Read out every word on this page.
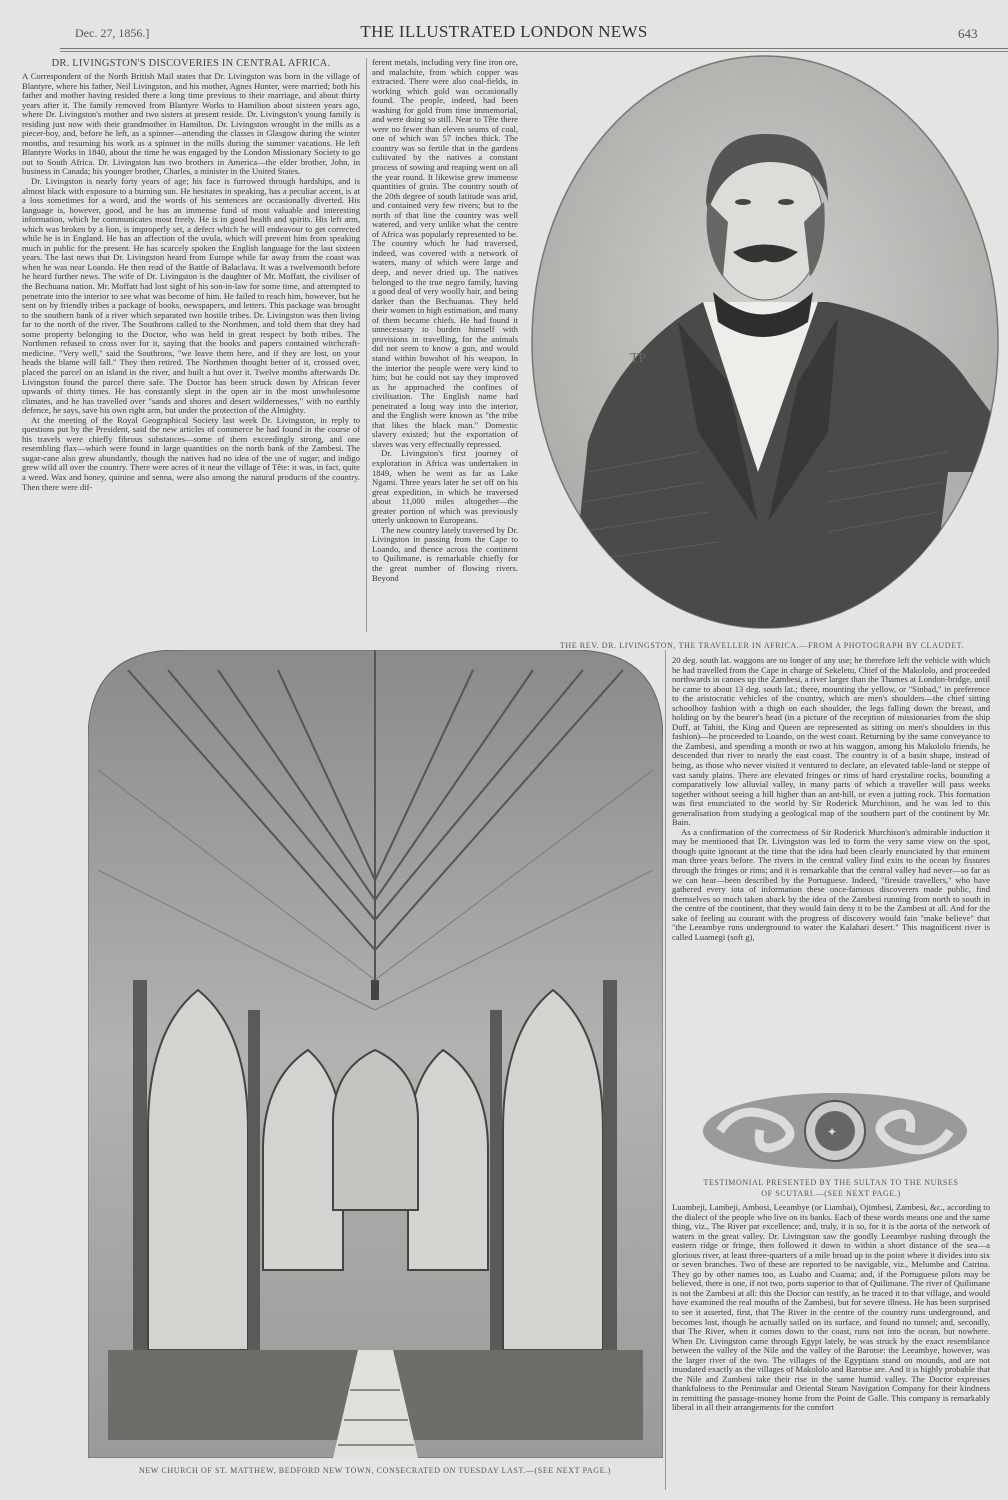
Dec. 27, 1856.]	THE ILLUSTRATED LONDON NEWS	643
DR. LIVINGSTON'S DISCOVERIES IN CENTRAL AFRICA.

A Correspondent of the North British Mail states that Dr. Livingston was born in the village of Blantyre, where his father, Neil Livingston, and his mother, Agnes Hunter, were married; both his father and mother having resided there a long time previous to their marriage, and about thirty years after it. The family removed from Blantyre Works to Hamilton about sixteen years ago, where Dr. Livingston's mother and two sisters at present reside. Dr. Livingston's young family is residing just now with their grandmother in Hamilton. Dr. Livingston wrought in the mills as a piecer-boy, and, before he left, as a spinner—attending the classes in Glasgow during the winter months, and resuming his work as a spinner in the mills during the summer vacations. He left Blantyre Works in 1840, about the time he was engaged by the London Missionary Society to go out to South Africa. Dr. Livingston has two brothers in America—the elder brother, John, in business in Canada; his younger brother, Charles, a minister in the United States.

Dr. Livingston is nearly forty years of age; his face is furrowed through hardships, and is almost black with exposure to a burning sun. He hesitates in speaking, has a peculiar accent, is at a loss sometimes for a word, and the words of his sentences are occasionally diverted. His language is, however, good, and he has an immense fund of most valuable and interesting information, which he communicates most freely. He is in good health and spirits. His left arm, which was broken by a lion, is improperly set, a defect which he will endeavour to get corrected while he is in England. He has an affection of the uvula, which will prevent him from speaking much in public for the present. He has scarcely spoken the English language for the last sixteen years. The last news that Dr. Livingston heard from Europe while far away from the coast was when he was near Loando. He then read of the Battle of Balaclava. It was a twelvemonth before he heard further news. The wife of Dr. Livingston is the daughter of Mr. Moffatt, the civiliser of the Bechuana nation. Mr. Moffatt had lost sight of his son-in-law for some time, and attempted to penetrate into the interior to see what was become of him. He failed to reach him, however, but he sent on by friendly tribes a package of books, newspapers, and letters. This package was brought to the southern bank of a river which separated two hostile tribes. Dr. Livingston was then living far to the north of the river. The Southrons called to the Northmen, and told them that they had some property belonging to the Doctor, who was held in great respect by both tribes. The Northmen refused to cross over for it, saying that the books and papers contained witchcraft-medicine. "Very well," said the Southrons, "we leave them here, and if they are lost, on your heads the blame will fall." They then retired. The Northmen thought better of it, crossed over, placed the parcel on an island in the river, and built a hut over it. Twelve months afterwards Dr. Livingston found the parcel there safe. The Doctor has been struck down by African fever upwards of thirty times. He has constantly slept in the open air in the most unwholesome climates, and he has travelled over "sands and shores and desert wildernesses," with no earthly defence, he says, save his own right arm, but under the protection of the Almighty.

At the meeting of the Royal Geographical Society last week Dr. Livingston, in reply to questions put by the President, said the new articles of commerce he had found in the course of his travels were chiefly fibrous substances—some of them exceedingly strong, and one resembling flax—which were found in large quantities on the north bank of the Zambesi. The sugar-cane also grew abundantly, though the natives had no idea of the use of sugar; and indigo grew wild all over the country. There were acres of it near the village of Tête: it was, in fact, quite a weed. Wax and honey, quinine and senna, were also among the natural products of the country. Then there were dif-

ferent metals, including very fine iron ore, and malachite, from which copper was extracted. There were also coal-fields, in working which gold was occasionally found. The people, indeed, had been washing for gold from time immemorial, and were doing so still. Near to Tête there were no fewer than eleven seams of coal, one of which was 57 inches thick. The country was so fertile that in the gardens cultivated by the natives a constant process of sowing and reaping went on all the year round. It likewise grew immense quantities of grain. The country south of the 20th degree of south latitude was arid, and contained very few rivers; but to the north of that line the country was well watered, and very unlike what the centre of Africa was popularly represented to be. The country which he had traversed, indeed, was covered with a network of waters, many of which were large and deep, and never dried up. The natives belonged to the true negro family, having a good deal of very woolly hair, and being darker than the Bechuanas. They held their women in high estimation, and many of them became chiefs. He had found it unnecessary to burden himself with provisions in travelling, for the animals did not seem to know a gun, and would stand within bowshot of his weapon. In the interior the people were very kind to him; but he could not say they improved as he approached the confines of civilisation. The English name had penetrated a long way into the interior, and the English were known as "the tribe that likes the black man." Domestic slavery existed; but the exportation of slaves was very effectually repressed.

Dr. Livingston's first journey of exploration in Africa was undertaken in 1849, when he went as far as Lake Ngami. Three years later he set off on his great expedition, in which he traversed about 11,000 miles altogether—the greater portion of which was previously utterly unknown to Europeans.

The new country lately traversed by Dr. Livingston in passing from the Cape to Loando, and thence across the continent to Quilimane, is remarkable chiefly for the great number of flowing rivers. Beyond

TP
THE REV. DR. LIVINGSTON, THE TRAVELLER IN AFRICA.—FROM A PHOTOGRAPH BY CLAUDET.
NEW CHURCH OF ST. MATTHEW, BEDFORD NEW TOWN, CONSECRATED ON TUESDAY LAST.—(SEE NEXT PAGE.)

20 deg. south lat. waggons are no longer of any use; he therefore left the vehicle with which he had travelled from the Cape in charge of Sekeletu, Chief of the Makololo, and proceeded northwards in canoes up the Zambesi, a river larger than the Thames at London-bridge, until he came to about 13 deg. south lat.; there, mounting the yellow, or "Sinbad," in preference to the aristocratic vehicles of the country, which are men's shoulders—the chief sitting schoolboy fashion with a thigh on each shoulder, the legs falling down the breast, and holding on by the bearer's head (in a picture of the reception of missionaries from the ship Duff, at Tahiti, the King and Queen are represented as sitting on men's shoulders in this fashion)—he proceeded to Loando, on the west coast. Returning by the same conveyance to the Zambesi, and spending a month or two at his waggon, among his Makololo friends, he descended that river to nearly the east coast. The country is of a basin shape, instead of being, as those who never visited it ventured to declare, an elevated table-land or steppe of vast sandy plains. There are elevated fringes or rims of hard crystaline rocks, bounding a comparatively low alluvial valley, in many parts of which a traveller will pass weeks together without seeing a hill higher than an ant-hill, or even a jutting rock. This formation was first enunciated to the world by Sir Roderick Murchison, and he was led to this generalisation from studying a geological map of the southern part of the continent by Mr. Bain.

As a confirmation of the correctness of Sir Roderick Murchison's admirable induction it may be mentioned that Dr. Livingston was led to form the very same view on the spot, though quite ignorant at the time that the idea had been clearly enunciated by that eminent man three years before. The rivers in the central valley find exits to the ocean by fissures through the fringes or rims; and it is remarkable that the central valley had never—so far as we can hear—been described by the Portuguese. Indeed, "fireside travellers," who have gathered every iota of information these once-famous discoverers made public, find themselves so much taken aback by the idea of the Zambesi running from north to south in the centre of the continent, that they would fain deny it to be the Zambesi at all. And for the sake of feeling au courant with the progress of discovery would fain "make believe" that "the Leeambye runs underground to water the Kalahari desert." This magnificent river is called Luamegi (soft g),

✦
TESTIMONIAL PRESENTED BY THE SULTAN TO THE NURSES
OF SCUTARI.—(SEE NEXT PAGE.)

Luambeji, Lambeji, Ambosi, Leeambye (or Liambai), Ojimbesi, Zambesi, &c., according to the dialect of the people who live on its banks. Each of these words means one and the same thing, viz., The River par excellence; and, truly, it is so, for it is the aorta of the network of waters in the great valley. Dr. Livingston saw the goodly Leeambye rushing through the eastern ridge or fringe, then followed it down to within a short distance of the sea—a glorious river, at least three-quarters of a mile broad up to the point where it divides into six or seven branches. Two of these are reported to be navigable, viz., Melumbe and Catrina. They go by other names too, as Luabo and Cuama; and, if the Portuguese pilots may be believed, there is one, if not two, ports superior to that of Quilimane. The river of Quilimane is not the Zambesi at all: this the Doctor can testify, as he traced it to that village, and would have examined the real mouths of the Zambesi, but for severe illness. He has been surprised to see it asserted, first, that The River in the centre of the country runs underground, and becomes lost, though he actually sailed on its surface, and found no tunnel; and, secondly, that The River, when it comes down to the coast, runs not into the ocean, but nowhere. When Dr. Livingston came through Egypt lately, he was struck by the exact resemblance between the valley of the Nile and the valley of the Barotse: the Leeambye, however, was the larger river of the two. The villages of the Egyptians stand on mounds, and are not inundated exactly as the villages of Makololo and Barotse are. And it is highly probable that the Nile and Zambesi take their rise in the same humid valley. The Doctor expresses thankfulness to the Peninsular and Oriental Steam Navigation Company for their kindness in remitting the passage-money home from the Point de Galle. This company is remarkably liberal in all their arrangements for the comfort
